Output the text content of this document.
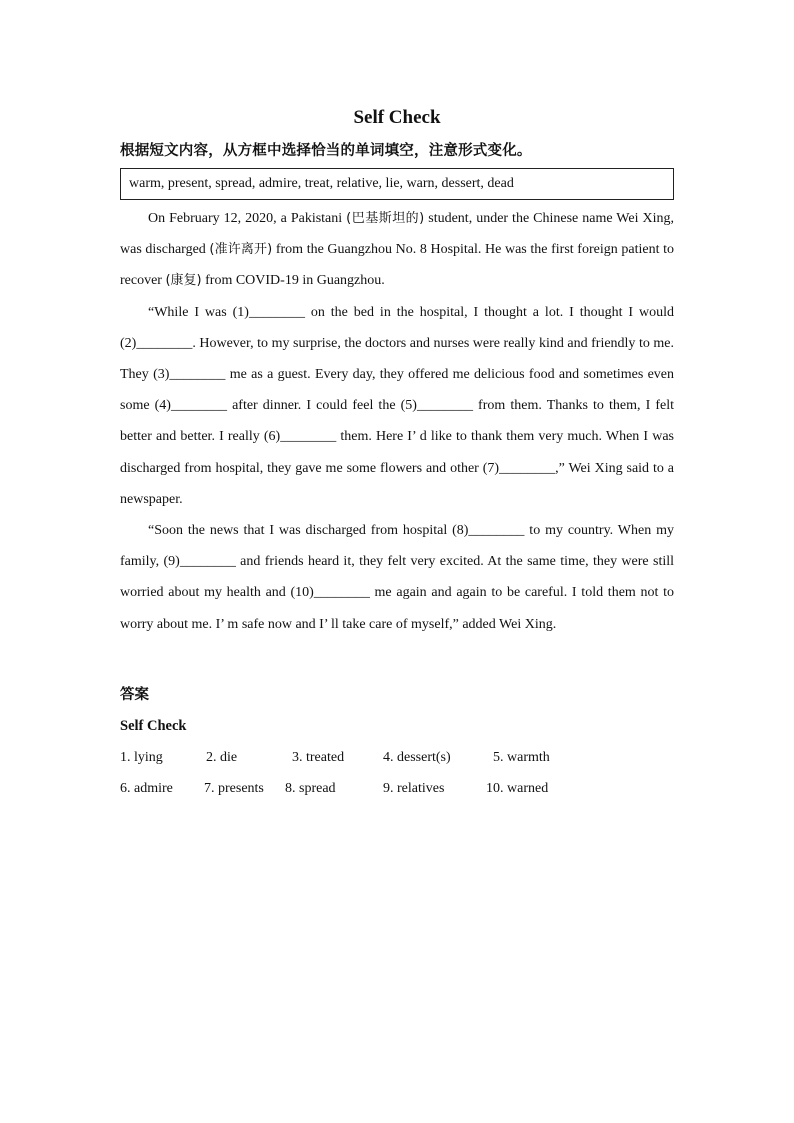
Self Check

根据短文内容，从方框中选择恰当的单词填空，注意形式变化。

warm, present, spread, admire, treat, relative, lie, warn, dessert, dead

On February 12, 2020, a Pakistani (巴基斯坦的) student, under the Chinese name Wei Xing, was discharged (准许离开) from the Guangzhou No. 8 Hospital. He was the first foreign patient to recover (康复) from COVID-19 in Guangzhou.

“While I was (1)________ on the bed in the hospital, I thought a lot. I thought I would (2)________. However, to my surprise, the doctors and nurses were really kind and friendly to me. They (3)________ me as a guest. Every day, they offered me delicious food and sometimes even some (4)________ after dinner. I could feel the (5)________ from them. Thanks to them, I felt better and better. I really (6)________ them. Here I’ d like to thank them very much. When I was discharged from hospital, they gave me some flowers and other (7)________,” Wei Xing said to a newspaper.

“Soon the news that I was discharged from hospital (8)________ to my country. When my family, (9)________ and friends heard it, they felt very excited. At the same time, they were still worried about my health and (10)________ me again and again to be careful. I told them not to worry about me. I’ m safe now and I’ ll take care of myself,” added Wei Xing.

答案
Self Check
1. lying	2. die	3. treated	4. dessert(s)	5. warmth
6. admire	7. presents	8. spread	9. relatives	10. warned
